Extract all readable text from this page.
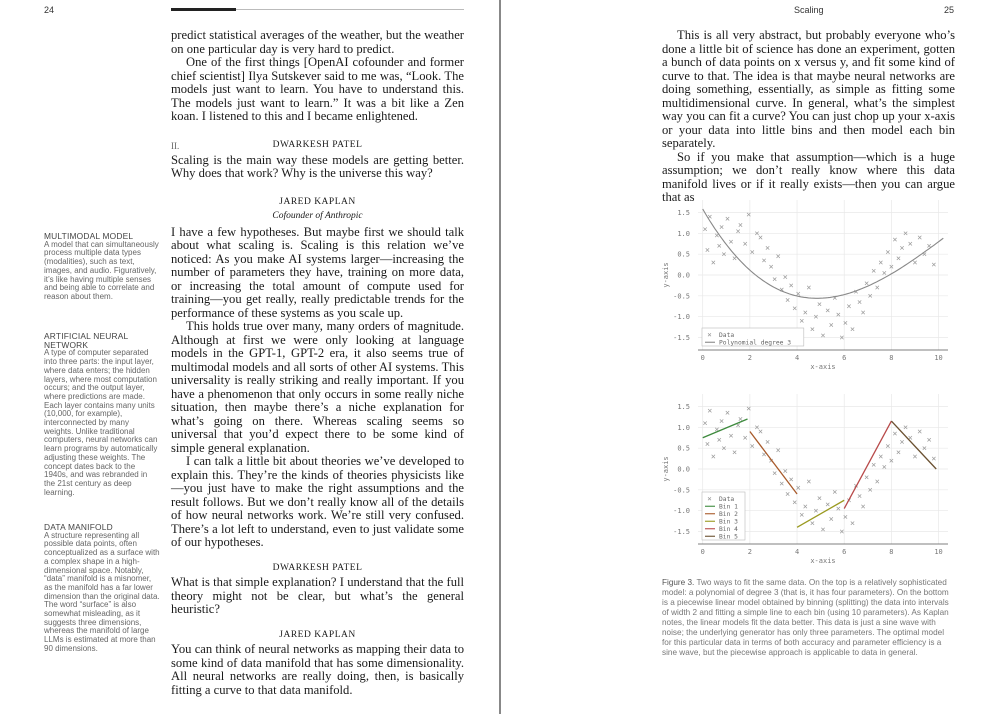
24

predict statistical averages of the weather, but the weather on one particular day is very hard to predict.

One of the first things [OpenAI cofounder and former chief scientist] Ilya Sutskever said to me was, “Look. The models just want to learn. You have to understand this. The models just want to learn.” It was a bit like a Zen koan. I listened to this and I became enlightened.

II.	DWARKESH PATEL

Scaling is the main way these models are getting better. Why does that work? Why is the universe this way?

JARED KAPLAN
Cofounder of Anthropic

I have a few hypotheses. But maybe first we should talk about what scaling is. Scaling is this relation we’ve noticed: As you make AI systems larger—increasing the number of parameters they have, training on more data, or increasing the total amount of compute used for training—you get really, really predictable trends for the performance of these systems as you scale up.

This holds true over many, many orders of magnitude. Although at first we were only looking at language models in the GPT-1, GPT-2 era, it also seems true of multimodal models and all sorts of other AI systems. This universality is really striking and really important. If you have a phenomenon that only occurs in some really niche situation, then maybe there’s a niche explanation for what’s going on there. Whereas scaling seems so universal that you’d expect there to be some kind of simple general explanation.

I can talk a little bit about theories we’ve developed to explain this. They’re the kinds of theories physicists like—you just have to make the right assumptions and the result follows. But we don’t really know all of the details of how neural networks work. We’re still very confused. There’s a lot left to understand, even to just validate some of our hypotheses.

DWARKESH PATEL

What is that simple explanation? I understand that the full theory might not be clear, but what’s the general heuristic?

JARED KAPLAN

You can think of neural networks as mapping their data to some kind of data manifold that has some dimensionality. All neural networks are really doing, then, is basically fitting a curve to that data manifold.

MULTIMODAL MODEL
A model that can simultaneously process multiple data types (modalities), such as text, images, and audio. Figuratively, it’s like having multiple senses and being able to correlate and reason about them.
ARTIFICIAL NEURAL NETWORK
A type of computer separated into three parts: the input layer, where data enters; the hidden layers, where most computation occurs; and the output layer, where predictions are made. Each layer contains many units (10,000, for example), interconnected by many weights. Unlike traditional computers, neural networks can learn programs by automatically adjusting these weights. The concept dates back to the 1940s, and was rebranded in the 21st century as deep learning.
DATA MANIFOLD
A structure representing all possible data points, often conceptualized as a surface with a complex shape in a high-dimensional space. Notably, “data” manifold is a misnomer, as the manifold has a far lower dimension than the original data. The word “surface” is also somewhat misleading, as it suggests three dimensions, whereas the manifold of large LLMs is estimated at more than 90 dimensions.
Scaling	25

This is all very abstract, but probably everyone who’s done a little bit of science has done an experiment, gotten a bunch of data points on x versus y, and fit some kind of curve to that. The idea is that maybe neural networks are doing something, essentially, as simple as fitting some multidimensional curve. In general, what’s the simplest way you can fit a curve? You can just chop up your x-axis or your data into little bins and then model each bin separately.

So if you make that assumption—which is a huge assumption; we don’t really know where this data manifold lives or if it really exists—then you can argue that as

0	2	4	6	8	10
1.5
1.0
0.5
0.0
-0.5
-1.0
-1.5
x-axis
y-axis
Data
Polynomial degree 3
0	2	4	6	8	10
1.5
1.0
0.5
0.0
-0.5
-1.0
-1.5
x-axis
y-axis
Data
Bin 1
Bin 2
Bin 3
Bin 4
Bin 5
Figure 3. Two ways to fit the same data. On the top is a relatively sophisticated model: a polynomial of degree 3 (that is, it has four parameters). On the bottom is a piecewise linear model obtained by binning (splitting) the data into intervals of width 2 and fitting a simple line to each bin (using 10 parameters). As Kaplan notes, the linear models fit the data better. This data is just a sine wave with noise; the underlying generator has only three parameters. The optimal model for this particular data in terms of both accuracy and parameter efficiency is a sine wave, but the piecewise approach is applicable to data in general.
